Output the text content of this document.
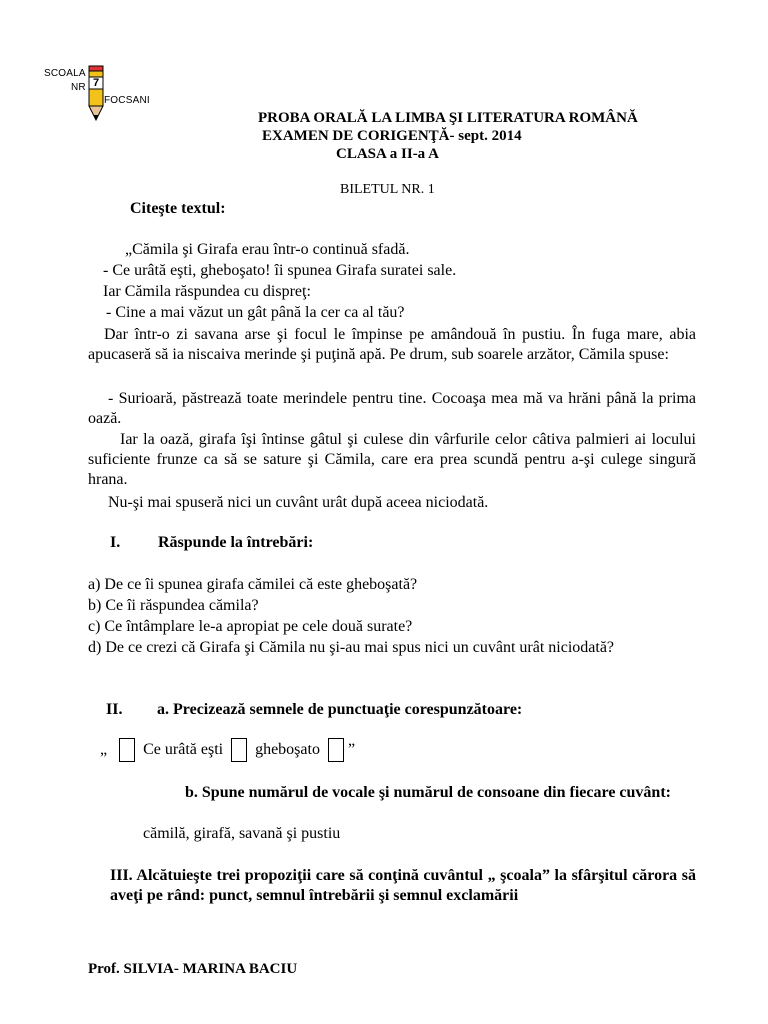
SCOALA
NR 7
FOCSANI
PROBA ORALĂ LA LIMBA ŞI LITERATURA ROMÂNĂ
EXAMEN DE CORIGENŢĂ- sept. 2014
CLASA a II-a A
BILETUL NR. 1
Citeşte textul:
„Cămila şi Girafa erau într-o continuă sfadă.
- Ce urâtă eşti, gheboşato! îi spunea Girafa suratei sale.
Iar Cămila răspundea cu dispreţ:
- Cine a mai văzut un gât până la cer ca al tău?
Dar într-o zi savana arse şi focul le împinse pe amândouă în pustiu. În fuga mare, abia apucaseră să ia niscaiva merinde şi puţină apă. Pe drum, sub soarele arzător, Cămila spuse:
- Surioară, păstrează toate merindele pentru tine. Cocoaşa mea mă va hrăni până la prima oază.
Iar la oază, girafa îşi întinse gâtul şi culese din vârfurile celor câtiva palmieri ai locului suficiente frunze ca să se sature şi Cămila, care era prea scundă pentru a-şi culege singură hrana.
Nu-şi mai spuseră nici un cuvânt urât după aceea niciodată.
I. Răspunde la întrebări:
a) De ce îi spunea girafa cămilei că este gheboşată?
b) Ce îi răspundea cămila?
c) Ce întâmplare le-a apropiat pe cele două surate?
d) De ce crezi că Girafa şi Cămila nu şi-au mai spus nici un cuvânt urât niciodată?
II. a. Precizează semnele de punctuaţie corespunzătoare:
„ Ce urâtă eşti gheboşato ”
b. Spune numărul de vocale şi numărul de consoane din fiecare cuvânt:
cămilă, girafă, savană şi pustiu
III. Alcătuieşte trei propoziţii care să conţină cuvântul „ şcoala” la sfârşitul cărora să aveţi pe rând: punct, semnul întrebării şi semnul exclamării
Prof. SILVIA- MARINA BACIU
